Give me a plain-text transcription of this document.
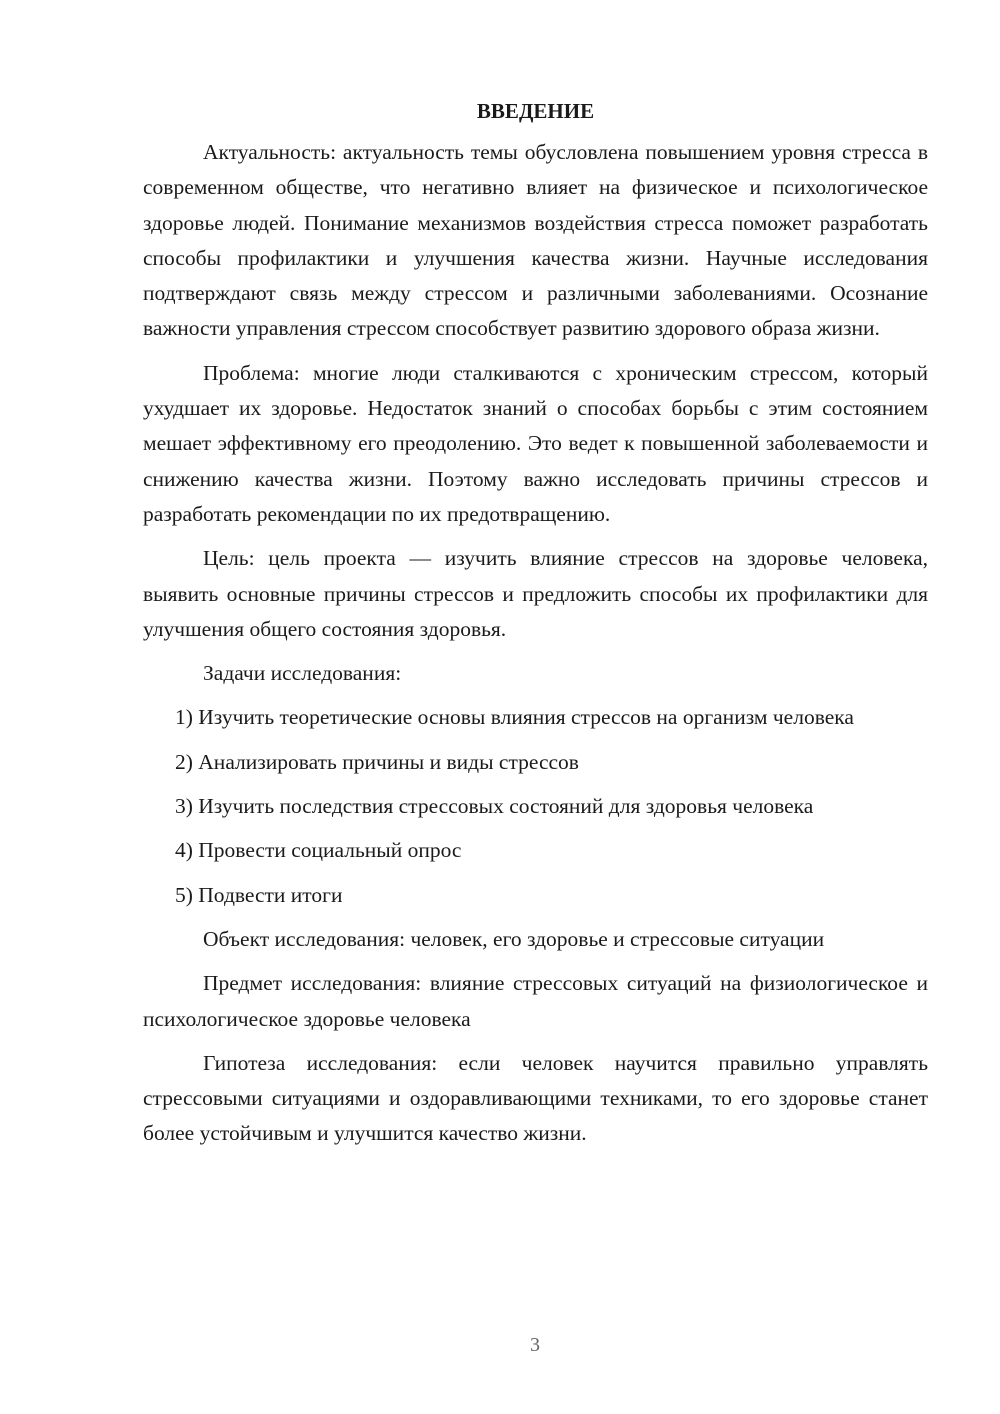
ВВЕДЕНИЕ

Актуальность: актуальность темы обусловлена повышением уровня стресса в современном обществе, что негативно влияет на физическое и психологическое здоровье людей. Понимание механизмов воздействия стресса поможет разработать способы профилактики и улучшения качества жизни. Научные исследования подтверждают связь между стрессом и различными заболеваниями. Осознание важности управления стрессом способствует развитию здорового образа жизни.

Проблема: многие люди сталкиваются с хроническим стрессом, который ухудшает их здоровье. Недостаток знаний о способах борьбы с этим состоянием мешает эффективному его преодолению. Это ведет к повышенной заболеваемости и снижению качества жизни. Поэтому важно исследовать причины стрессов и разработать рекомендации по их предотвращению.

Цель: цель проекта — изучить влияние стрессов на здоровье человека, выявить основные причины стрессов и предложить способы их профилактики для улучшения общего состояния здоровья.

Задачи исследования:

1) Изучить теоретические основы влияния стрессов на организм человека

2) Анализировать причины и виды стрессов

3) Изучить последствия стрессовых состояний для здоровья человека

4) Провести социальный опрос

5) Подвести итоги

Объект исследования: человек, его здоровье и стрессовые ситуации

Предмет исследования: влияние стрессовых ситуаций на физиологическое и психологическое здоровье человека

Гипотеза исследования: если человек научится правильно управлять стрессовыми ситуациями и оздоравливающими техниками, то его здоровье станет более устойчивым и улучшится качество жизни.

3
